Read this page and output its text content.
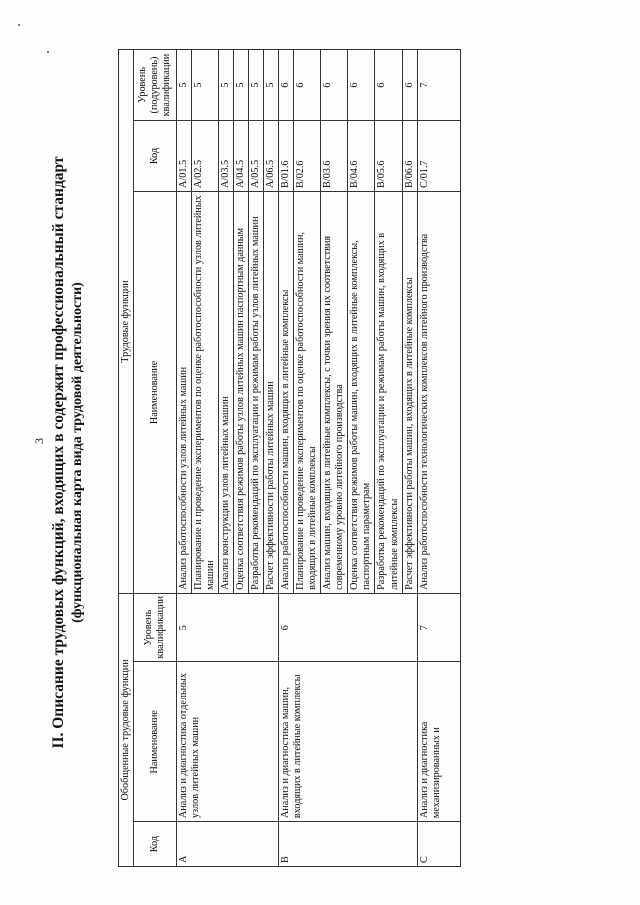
3 II. Описание трудовых функций, входящих в содержит профессиональный стандарт (функциональная карта вида трудовой деятельности)
Обобщенные трудовые функции			Трудовые функции		
Код	Наименование	Уровень квалификации	Наименование	Код	Уровень (подуровень) квалификации
A	Анализ и диагностика отдельных узлов литейных машин	5	Анализ работоспособности узлов литейных машин	A/01.5	5
			Планирование и проведение экспериментов по оценке работоспособности узлов литейных машин	A/02.5	5
			Анализ конструкции узлов литейных машин	A/03.5	5
			Оценка соответствия режимов работы узлов литейных машин паспортным данным	A/04.5	5
			Разработка рекомендаций по эксплуатации и режимам работы узлов литейных машин	A/05.5	5
			Расчет эффективности работы литейных машин	A/06.5	5
B	Анализ и диагностика машин, входящих в литейные комплексы	6	Анализ работоспособности машин, входящих в литейные комплексы	B/01.6	6
			Планирование и проведение экспериментов по оценке работоспособности машин, входящих в литейные комплексы	B/02.6	6
			Анализ машин, входящих в литейные комплексы, с точки зрения их соответствия современному уровню литейного производства	B/03.6	6
			Оценка соответствия режимов работы машин, входящих в литейные комплексы, паспортным параметрам	B/04.6	6
			Разработка рекомендаций по эксплуатации и режимам работы машин, входящих в литейные комплексы	B/05.6	6
			Расчет эффективности работы машин, входящих в литейные комплексы	B/06.6	6
C	Анализ и диагностика механизированных и	7	Анализ работоспособности технологических комплексов литейного производства	C/01.7	7
